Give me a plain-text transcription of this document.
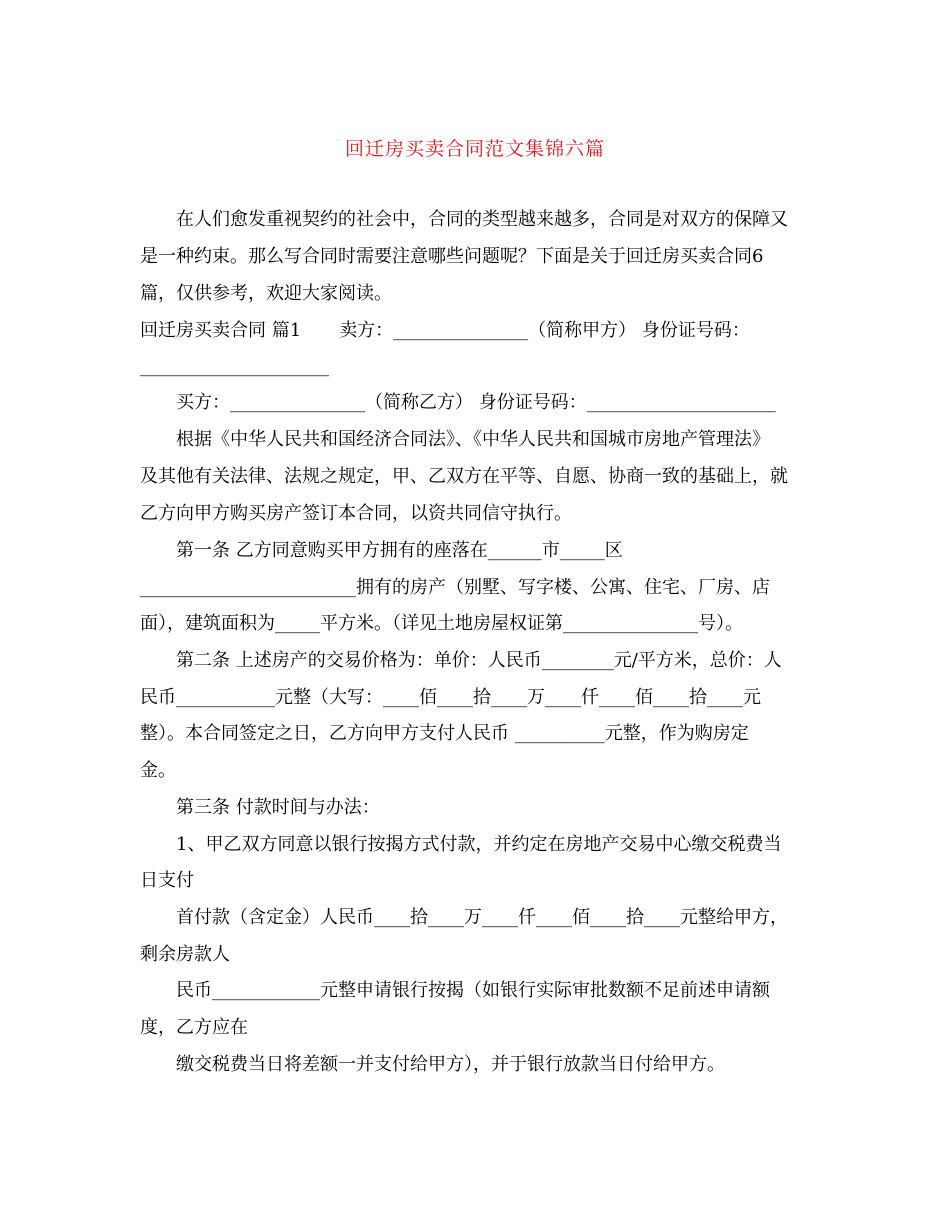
回迁房买卖合同范文集锦六篇
在人们愈发重视契约的社会中，合同的类型越来越多，合同是对双方的保障又
是一种约束。那么写合同时需要注意哪些问题呢？下面是关于回迁房买卖合同6
篇，仅供参考，欢迎大家阅读。
回迁房买卖合同 篇1 卖方：_______________（简称甲方） 身份证号码：
_____________________
买方：_______________（简称乙方） 身份证号码：_____________________
根据《中华人民共和国经济合同法》、《中华人民共和国城市房地产管理法》
及其他有关法律、法规之规定，甲、乙双方在平等、自愿、协商一致的基础上，就
乙方向甲方购买房产签订本合同，以资共同信守执行。
第一条 乙方同意购买甲方拥有的座落在______市_____区
________________________拥有的房产（别墅、写字楼、公寓、住宅、厂房、店
面），建筑面积为_____平方米。（详见土地房屋权证第_______________号）。
第二条 上述房产的交易价格为：单价：人民币________元/平方米，总价：人
民币___________元整（大写：____佰____拾____万____仟____佰____拾____元
整）。本合同签定之日，乙方向甲方支付人民币 __________元整，作为购房定
金。
第三条 付款时间与办法：
1、甲乙双方同意以银行按揭方式付款，并约定在房地产交易中心缴交税费当
日支付
首付款（含定金）人民币____拾____万____仟____佰____拾____元整给甲方，
剩余房款人
民币____________元整申请银行按揭（如银行实际审批数额不足前述申请额
度，乙方应在
缴交税费当日将差额一并支付给甲方），并于银行放款当日付给甲方。
